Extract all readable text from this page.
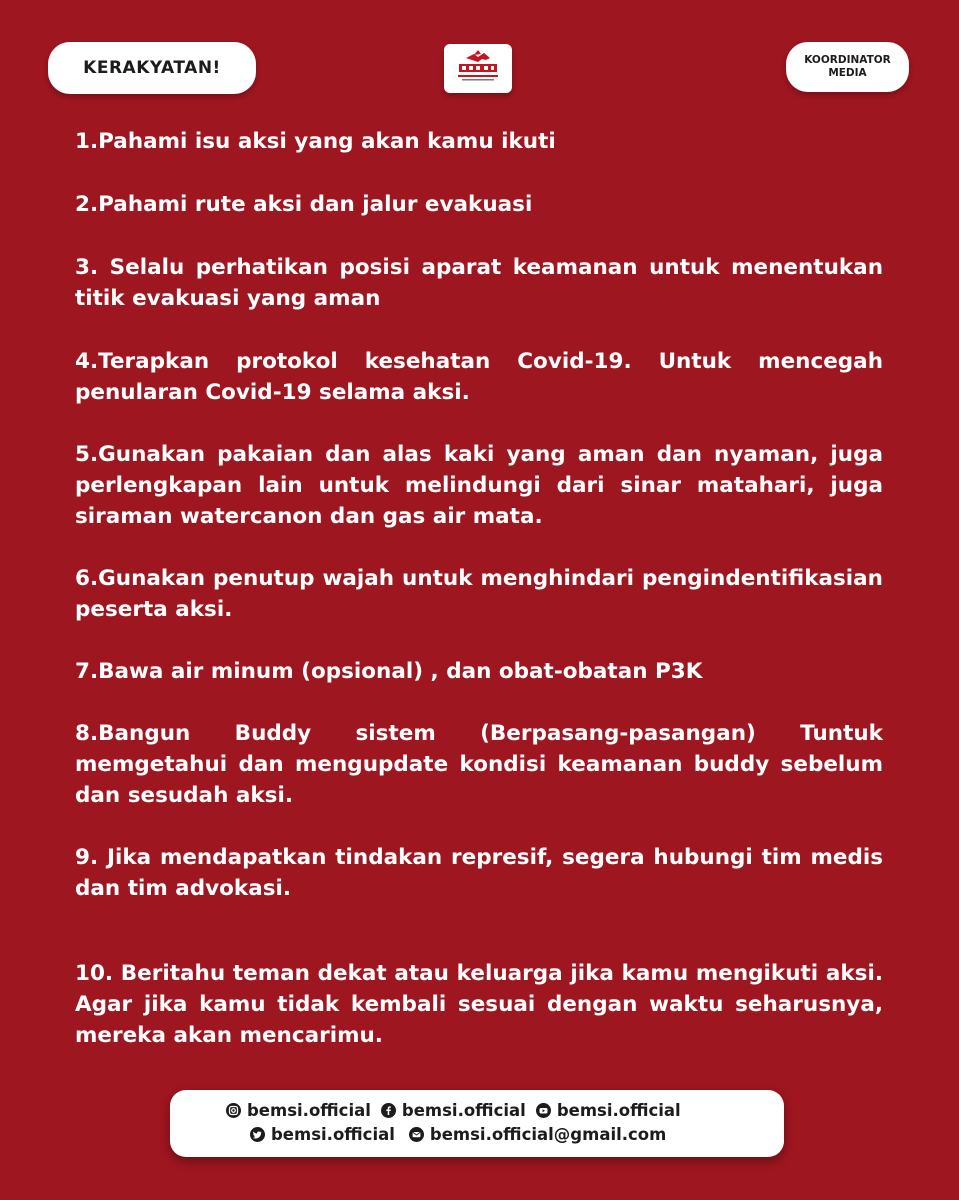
KERAKYATAN!	KOORDINATOR
MEDIA

1.Pahami isu aksi yang akan kamu ikuti

2.Pahami rute aksi dan jalur evakuasi

3. Selalu perhatikan posisi aparat keamanan untuk menentukan titik evakuasi yang aman

4.Terapkan protokol kesehatan Covid-19. Untuk mencegah penularan Covid-19 selama aksi.

5.Gunakan pakaian dan alas kaki yang aman dan nyaman, juga perlengkapan lain untuk melindungi dari sinar matahari, juga siraman watercanon dan gas air mata.

6.Gunakan penutup wajah untuk menghindari pengindentifikasian peserta aksi.

7.Bawa air minum (opsional) , dan obat-obatan P3K

8.Bangun Buddy sistem (Berpasang-pasangan) Tuntuk memgetahui dan mengupdate kondisi keamanan buddy sebelum dan sesudah aksi.

9. Jika mendapatkan tindakan represif, segera hubungi tim medis dan tim advokasi.

10. Beritahu teman dekat atau keluarga jika kamu mengikuti aksi. Agar jika kamu tidak kembali sesuai dengan waktu seharusnya, mereka akan mencarimu.

bemsi.official bemsi.official bemsi.official
bemsi.official bemsi.official@gmail.com
